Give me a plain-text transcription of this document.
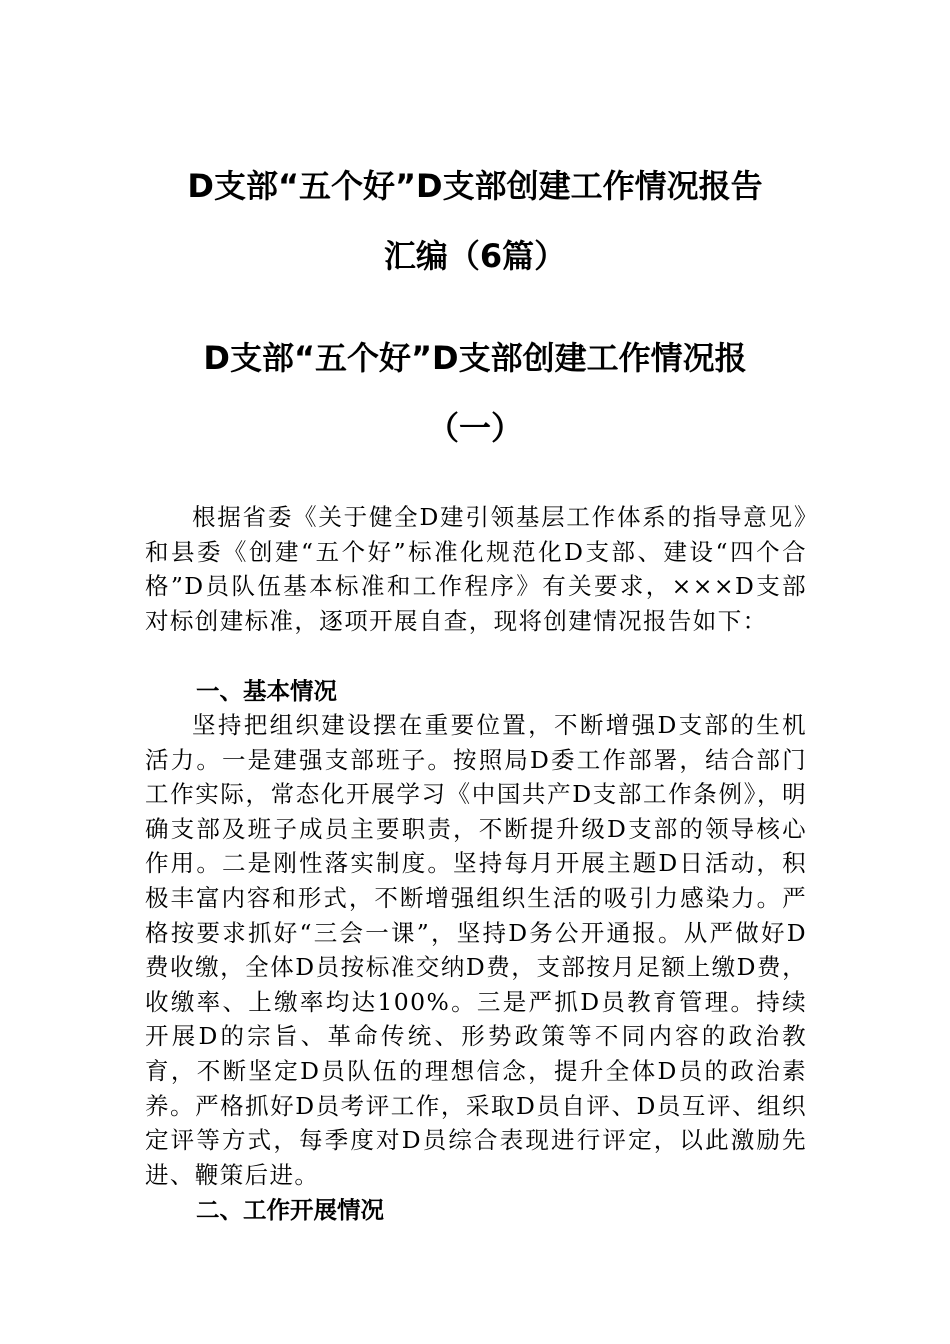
D支部“五个好”D支部创建工作情况报告
汇编（6篇）
D支部“五个好”D支部创建工作情况报
（一）

根据省委《关于健全D建引领基层工作体系的指导意见》和县委《创建“五个好”标准化规范化D支部、建设“四个合格”D员队伍基本标准和工作程序》有关要求，×××D支部对标创建标准，逐项开展自查，现将创建情况报告如下：

一、基本情况

坚持把组织建设摆在重要位置，不断增强D支部的生机活力。一是建强支部班子。按照局D委工作部署，结合部门工作实际，常态化开展学习《中国共产D支部工作条例》，明确支部及班子成员主要职责，不断提升级D支部的领导核心作用。二是刚性落实制度。坚持每月开展主题D日活动，积极丰富内容和形式，不断增强组织生活的吸引力感染力。严格按要求抓好“三会一课”，坚持D务公开通报。从严做好D费收缴，全体D员按标准交纳D费，支部按月足额上缴D费，收缴率、上缴率均达100%。三是严抓D员教育管理。持续开展D的宗旨、革命传统、形势政策等不同内容的政治教育，不断坚定D员队伍的理想信念，提升全体D员的政治素养。严格抓好D员考评工作，采取D员自评、D员互评、组织定评等方式，每季度对D员综合表现进行评定，以此激励先进、鞭策后进。

二、工作开展情况
